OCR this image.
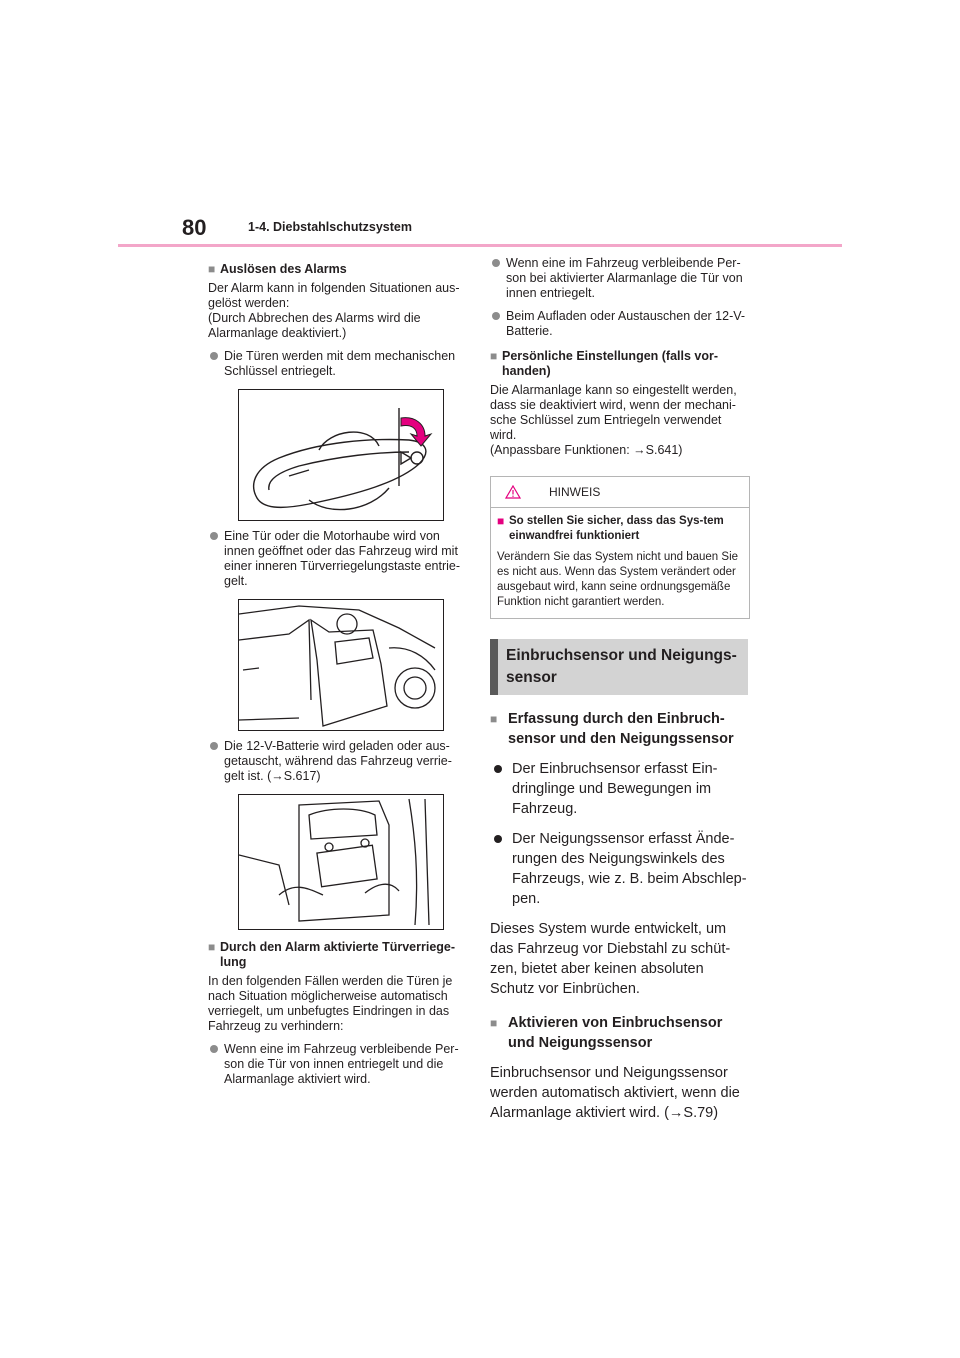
80	1-4. Diebstahlschutzsystem
■ Auslösen des Alarms
Der Alarm kann in folgenden Situationen aus-gelöst werden:
(Durch Abbrechen des Alarms wird die Alarmanlage deaktiviert.)
Die Türen werden mit dem mechanischen Schlüssel entriegelt.
Eine Tür oder die Motorhaube wird von innen geöffnet oder das Fahrzeug wird mit einer inneren Türverriegelungstaste entrie-gelt.
Die 12-V-Batterie wird geladen oder aus-getauscht, während das Fahrzeug verrie-gelt ist. (→S.617)
■ Durch den Alarm aktivierte Türverriege-lung
In den folgenden Fällen werden die Türen je nach Situation möglicherweise automatisch verriegelt, um unbefugtes Eindringen in das Fahrzeug zu verhindern:
Wenn eine im Fahrzeug verbleibende Per-son die Tür von innen entriegelt und die Alarmanlage aktiviert wird.
Wenn eine im Fahrzeug verbleibende Per-son bei aktivierter Alarmanlage die Tür von innen entriegelt.
Beim Aufladen oder Austauschen der 12-V-Batterie.
■ Persönliche Einstellungen (falls vor-handen)
Die Alarmanlage kann so eingestellt werden, dass sie deaktiviert wird, wenn der mechani-sche Schlüssel zum Entriegeln verwendet wird.
(Anpassbare Funktionen: →S.641)
HINWEIS
■ So stellen Sie sicher, dass das Sys-tem einwandfrei funktioniert
Verändern Sie das System nicht und bauen Sie es nicht aus. Wenn das System verändert oder ausgebaut wird, kann seine ordnungsgemäße Funktion nicht garantiert werden.
Einbruchsensor und Neigungs-sensor
■ Erfassung durch den Einbruch-sensor und den Neigungssensor
Der Einbruchsensor erfasst Ein-dringlinge und Bewegungen im Fahrzeug.
Der Neigungssensor erfasst Ände-rungen des Neigungswinkels des Fahrzeugs, wie z. B. beim Abschlep-pen.
Dieses System wurde entwickelt, um das Fahrzeug vor Diebstahl zu schüt-zen, bietet aber keinen absoluten Schutz vor Einbrüchen.
■ Aktivieren von Einbruchsensor und Neigungssensor
Einbruchsensor und Neigungssensor werden automatisch aktiviert, wenn die Alarmanlage aktiviert wird. (→S.79)
